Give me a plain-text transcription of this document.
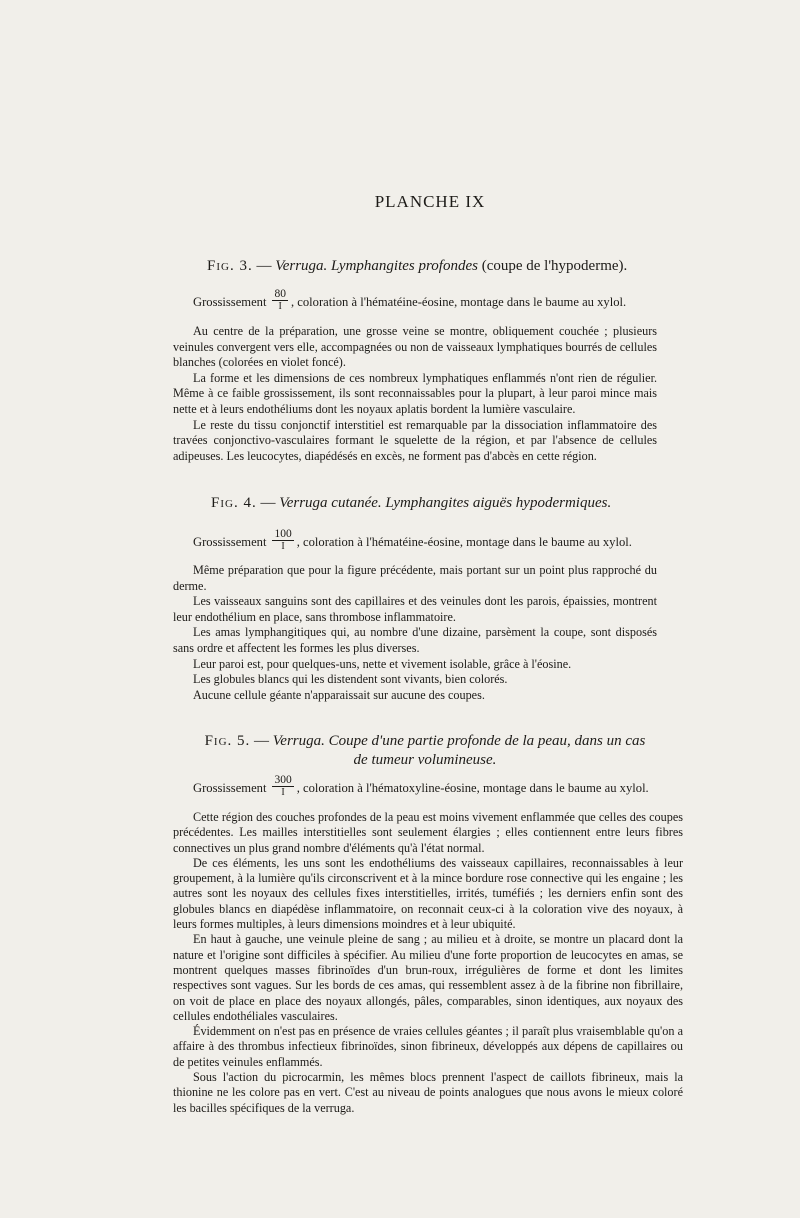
PLANCHE IX
Fig. 3. — Verruga. Lymphangites profondes (coupe de l'hypoderme).
Grossissement $\frac{80}{I}$ , coloration à l'hématéine-éosine, montage dans le baume au xylol.

Au centre de la préparation, une grosse veine se montre, obliquement couchée ; plusieurs veinules convergent vers elle, accompagnées ou non de vaisseaux lymphatiques bourrés de cellules blanches (colorées en violet foncé).

La forme et les dimensions de ces nombreux lymphatiques enflammés n'ont rien de régulier. Même à ce faible grossissement, ils sont reconnaissables pour la plupart, à leur paroi mince mais nette et à leurs endothéliums dont les noyaux aplatis bordent la lumière vasculaire.

Le reste du tissu conjonctif interstitiel est remarquable par la dissociation inflammatoire des travées conjonctivo-vasculaires formant le squelette de la région, et par l'absence de cellules adipeuses. Les leucocytes, diapédésés en excès, ne forment pas d'abcès en cette région.

Fig. 4. — Verruga cutanée. Lymphangites aiguës hypodermiques.
Grossissement $\frac{100}{I}$ , coloration à l'hématéine-éosine, montage dans le baume au xylol.

Même préparation que pour la figure précédente, mais portant sur un point plus rapproché du derme.

Les vaisseaux sanguins sont des capillaires et des veinules dont les parois, épaissies, montrent leur endothélium en place, sans thrombose inflammatoire.

Les amas lymphangitiques qui, au nombre d'une dizaine, parsèment la coupe, sont disposés sans ordre et affectent les formes les plus diverses.

Leur paroi est, pour quelques-uns, nette et vivement isolable, grâce à l'éosine.

Les globules blancs qui les distendent sont vivants, bien colorés.

Aucune cellule géante n'apparaissait sur aucune des coupes.

Fig. 5. — Verruga. Coupe d'une partie profonde de la peau, dans un cas
de tumeur volumineuse.
Grossissement $\frac{300}{I}$ , coloration à l'hématoxyline-éosine, montage dans le baume au xylol.

Cette région des couches profondes de la peau est moins vivement enflammée que celles des coupes précédentes. Les mailles interstitielles sont seulement élargies ; elles contiennent entre leurs fibres connectives un plus grand nombre d'éléments qu'à l'état normal.

De ces éléments, les uns sont les endothéliums des vaisseaux capillaires, reconnaissables à leur groupement, à la lumière qu'ils circonscrivent et à la mince bordure rose connective qui les engaine ; les autres sont les noyaux des cellules fixes interstitielles, irrités, tuméfiés ; les derniers enfin sont des globules blancs en diapédèse inflammatoire, on reconnait ceux-ci à la coloration vive des noyaux, à leurs formes multiples, à leurs dimensions moindres et à leur ubiquité.

En haut à gauche, une veinule pleine de sang ; au milieu et à droite, se montre un placard dont la nature et l'origine sont difficiles à spécifier. Au milieu d'une forte proportion de leucocytes en amas, se montrent quelques masses fibrinoïdes d'un brun-roux, irrégulières de forme et dont les limites respectives sont vagues. Sur les bords de ces amas, qui ressemblent assez à de la fibrine non fibrillaire, on voit de place en place des noyaux allongés, pâles, comparables, sinon identiques, aux noyaux des cellules endothéliales vasculaires.

Évidemment on n'est pas en présence de vraies cellules géantes ; il paraît plus vraisemblable qu'on a affaire à des thrombus infectieux fibrinoïdes, sinon fibrineux, développés aux dépens de capillaires ou de petites veinules enflammés.

Sous l'action du picrocarmin, les mêmes blocs prennent l'aspect de caillots fibrineux, mais la thionine ne les colore pas en vert. C'est au niveau de points analogues que nous avons le mieux coloré les bacilles spécifiques de la verruga.
